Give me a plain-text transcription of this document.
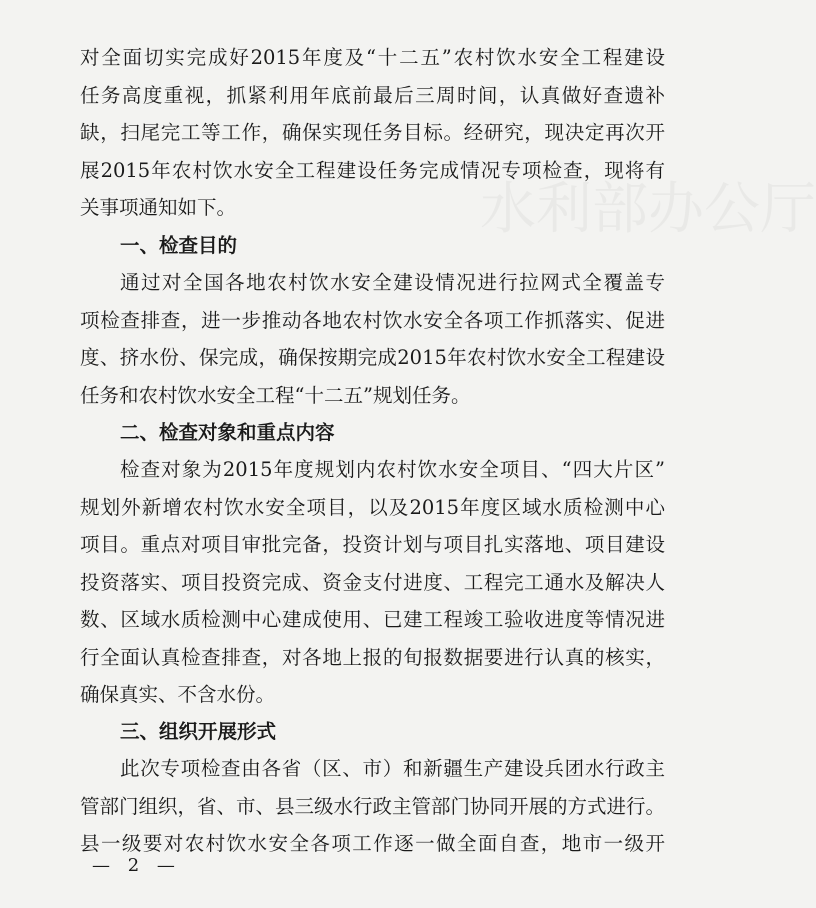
水利部办公厅
对全面切实完成好2015年度及“十二五”农村饮水安全工程建设
任务高度重视，抓紧利用年底前最后三周时间，认真做好查遗补
缺，扫尾完工等工作，确保实现任务目标。经研究，现决定再次开
展2015年农村饮水安全工程建设任务完成情况专项检查，现将有
关事项通知如下。
一、检查目的
通过对全国各地农村饮水安全建设情况进行拉网式全覆盖专
项检查排查，进一步推动各地农村饮水安全各项工作抓落实、促进
度、挤水份、保完成，确保按期完成2015年农村饮水安全工程建设
任务和农村饮水安全工程“十二五”规划任务。
二、检查对象和重点内容
检查对象为2015年度规划内农村饮水安全项目、“四大片区”
规划外新增农村饮水安全项目，以及2015年度区域水质检测中心
项目。重点对项目审批完备，投资计划与项目扎实落地、项目建设
投资落实、项目投资完成、资金支付进度、工程完工通水及解决人
数、区域水质检测中心建成使用、已建工程竣工验收进度等情况进
行全面认真检查排查，对各地上报的旬报数据要进行认真的核实，
确保真实、不含水份。
三、组织开展形式
此次专项检查由各省（区、市）和新疆生产建设兵团水行政主
管部门组织，省、市、县三级水行政主管部门协同开展的方式进行。
县一级要对农村饮水安全各项工作逐一做全面自查，地市一级开
— 2 —
